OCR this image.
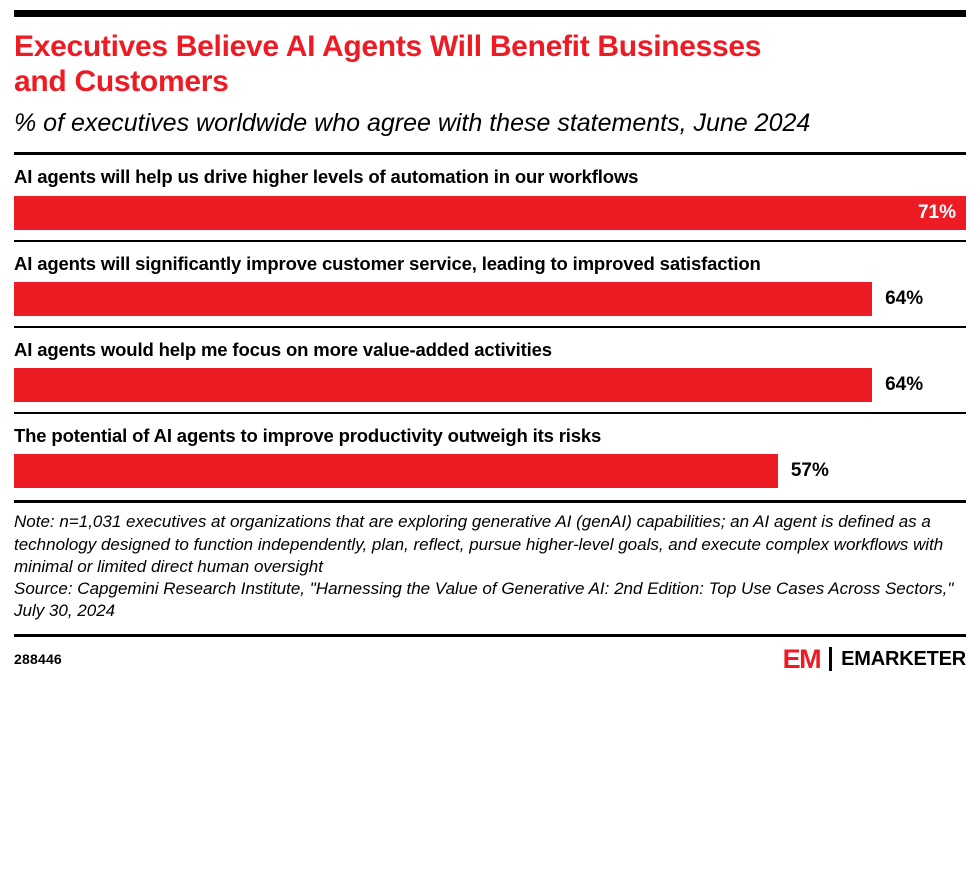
Executives Believe AI Agents Will Benefit Businesses and Customers
% of executives worldwide who agree with these statements, June 2024
AI agents will help us drive higher levels of automation in our workflows
71%
AI agents will significantly improve customer service, leading to improved satisfaction
64%
AI agents would help me focus on more value-added activities
64%
The potential of AI agents to improve productivity outweigh its risks
57%
Note: n=1,031 executives at organizations that are exploring generative AI (genAI) capabilities; an AI agent is defined as a technology designed to function independently, plan, reflect, pursue higher-level goals, and execute complex workflows with minimal or limited direct human oversight
Source: Capgemini Research Institute, "Harnessing the Value of Generative AI: 2nd Edition: Top Use Cases Across Sectors," July 30, 2024
288446	EM EMARKETER
